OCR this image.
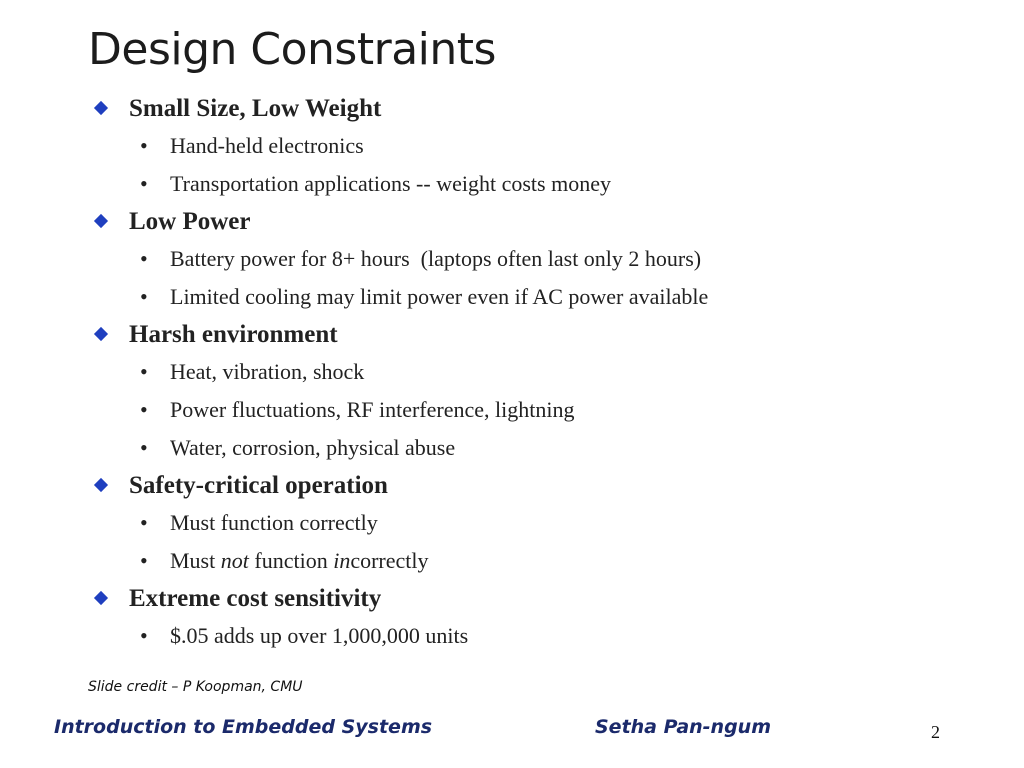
Design Constraints
Small Size, Low Weight
• Hand-held electronics
• Transportation applications -- weight costs money
Low Power
• Battery power for 8+ hours  (laptops often last only 2 hours)
• Limited cooling may limit power even if AC power available
Harsh environment
• Heat, vibration, shock
• Power fluctuations, RF interference, lightning
• Water, corrosion, physical abuse
Safety-critical operation
• Must function correctly
• Must not function incorrectly
Extreme cost sensitivity
• $.05 adds up over 1,000,000 units
Slide credit – P Koopman, CMU
Introduction to Embedded Systems	Setha Pan-ngum	2
